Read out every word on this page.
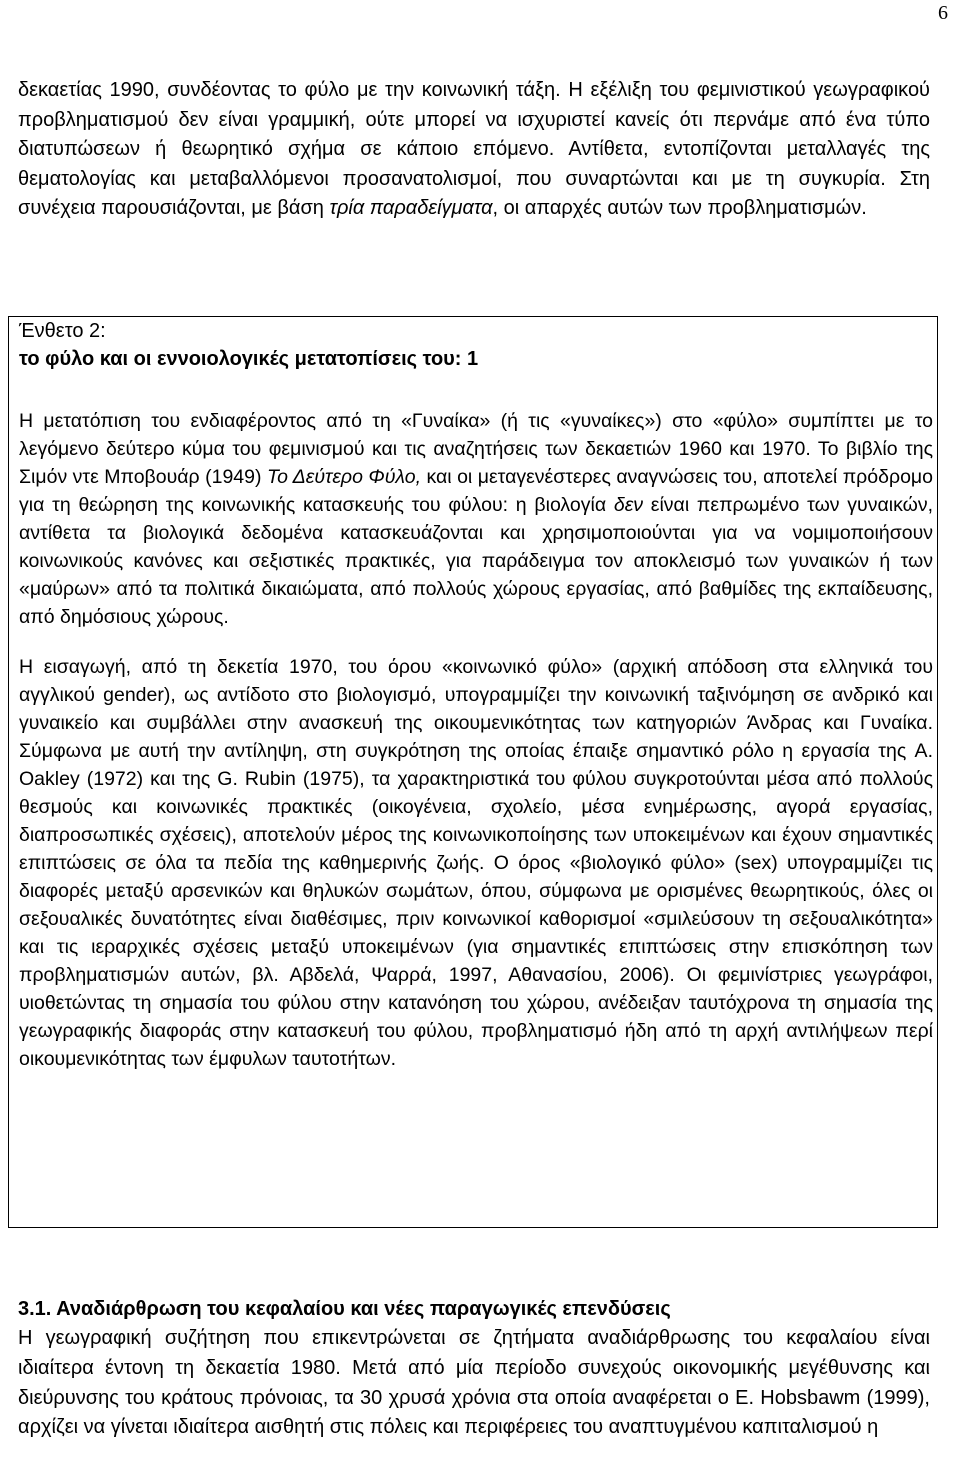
6

δεκαετίας 1990, συνδέοντας το φύλο με την κοινωνική τάξη. Η εξέλιξη του φεμινιστικού γεωγραφικού προβληματισμού δεν είναι γραμμική, ούτε μπορεί να ισχυριστεί κανείς ότι περνάμε από ένα τύπο διατυπώσεων ή θεωρητικό σχήμα σε κάποιο επόμενο. Αντίθετα, εντοπίζονται μεταλλαγές της θεματολογίας και μεταβαλλόμενοι προσανατολισμοί, που συναρτώνται και με τη συγκυρία. Στη συνέχεια παρουσιάζονται, με βάση τρία παραδείγματα, οι απαρχές αυτών των προβληματισμών.

Ένθετο 2:
το φύλο και οι εννοιολογικές μετατοπίσεις του: 1

Η μετατόπιση του ενδιαφέροντος από τη «Γυναίκα» (ή τις «γυναίκες») στο «φύλο» συμπίπτει με το λεγόμενο δεύτερο κύμα του φεμινισμού και τις αναζητήσεις των δεκαετιών 1960 και 1970. Το βιβλίο της Σιμόν ντε Μποβουάρ (1949) Το Δεύτερο Φύλο, και οι μεταγενέστερες αναγνώσεις του, αποτελεί πρόδρομο για τη θεώρηση της κοινωνικής κατασκευής του φύλου: η βιολογία δεν είναι πεπρωμένο των γυναικών, αντίθετα τα βιολογικά δεδομένα κατασκευάζονται και χρησιμοποιούνται για να νομιμοποιήσουν κοινωνικούς κανόνες και σεξιστικές πρακτικές, για παράδειγμα τον αποκλεισμό των γυναικών ή των «μαύρων» από τα πολιτικά δικαιώματα, από πολλούς χώρους εργασίας, από βαθμίδες της εκπαίδευσης, από δημόσιους χώρους.

Η εισαγωγή, από τη δεκετία 1970, του όρου «κοινωνικό φύλο» (αρχική απόδοση στα ελληνικά του αγγλικού gender), ως αντίδοτο στο βιολογισμό, υπογραμμίζει την κοινωνική ταξινόμηση σε ανδρικό και γυναικείο και συμβάλλει στην ανασκευή της οικουμενικότητας των κατηγοριών Άνδρας και Γυναίκα. Σύμφωνα με αυτή την αντίληψη, στη συγκρότηση της οποίας έπαιξε σημαντικό ρόλο η εργασία της A. Oakley (1972) και της G. Rubin (1975), τα χαρακτηριστικά του φύλου συγκροτούνται μέσα από πολλούς θεσμούς και κοινωνικές πρακτικές (οικογένεια, σχολείο, μέσα ενημέρωσης, αγορά εργασίας, διαπροσωπικές σχέσεις), αποτελούν μέρος της κοινωνικοποίησης των υποκειμένων και έχουν σημαντικές επιπτώσεις σε όλα τα πεδία της καθημερινής ζωής. Ο όρος «βιολογικό φύλο» (sex) υπογραμμίζει τις διαφορές μεταξύ αρσενικών και θηλυκών σωμάτων, όπου, σύμφωνα με ορισμένες θεωρητικούς, όλες οι σεξουαλικές δυνατότητες είναι διαθέσιμες, πριν κοινωνικοί καθορισμοί «σμιλεύσουν τη σεξουαλικότητα» και τις ιεραρχικές σχέσεις μεταξύ υποκειμένων (για σημαντικές επιπτώσεις στην επισκόπηση των προβληματισμών αυτών, βλ. Αβδελά, Ψαρρά, 1997, Αθανασίου, 2006). Οι φεμινίστριες γεωγράφοι, υιοθετώντας τη σημασία του φύλου στην κατανόηση του χώρου, ανέδειξαν ταυτόχρονα τη σημασία της γεωγραφικής διαφοράς στην κατασκευή του φύλου, προβληματισμό ήδη από τη αρχή αντιλήψεων περί οικουμενικότητας των έμφυλων ταυτοτήτων.

3.1. Αναδιάρθρωση του κεφαλαίου και νέες παραγωγικές επενδύσεις

Η γεωγραφική συζήτηση που επικεντρώνεται σε ζητήματα αναδιάρθρωσης του κεφαλαίου είναι ιδιαίτερα έντονη τη δεκαετία 1980. Μετά από μία περίοδο συνεχούς οικονομικής μεγέθυνσης και διεύρυνσης του κράτους πρόνοιας, τα 30 χρυσά χρόνια στα οποία αναφέρεται ο E. Hobsbawm (1999), αρχίζει να γίνεται ιδιαίτερα αισθητή στις πόλεις και περιφέρειες του αναπτυγμένου καπιταλισμού η
